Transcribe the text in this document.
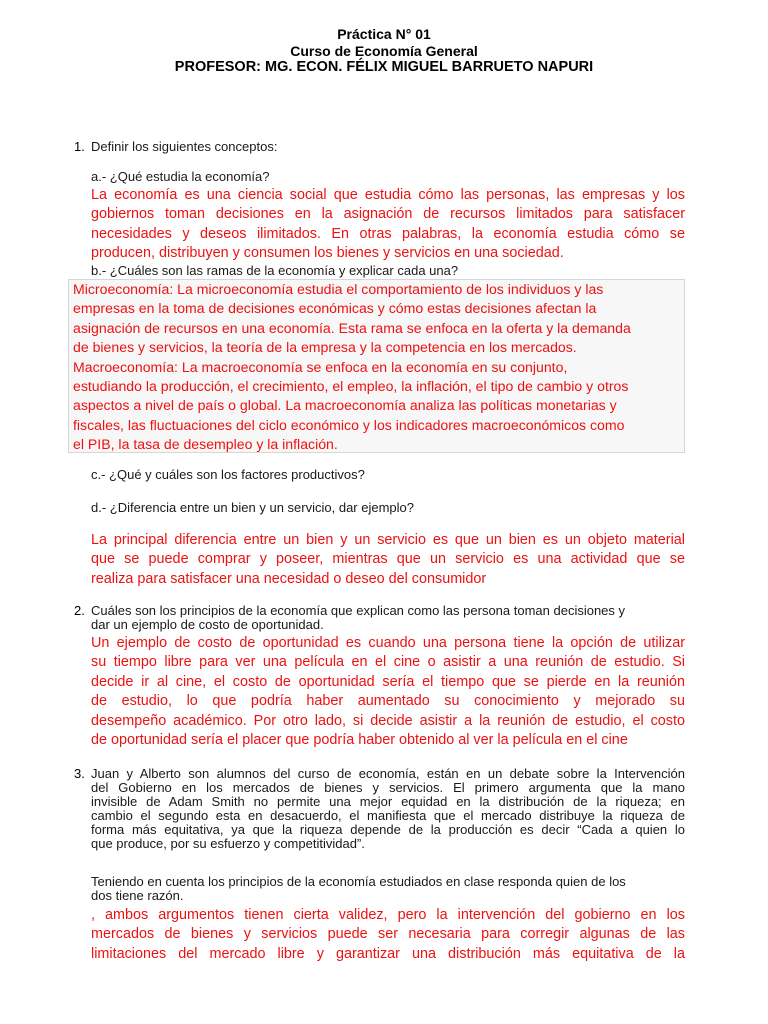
Práctica N° 01
Curso de Economía General
PROFESOR: MG. ECON. FÉLIX MIGUEL BARRUETO NAPURI
1. Definir los siguientes conceptos:
a.- ¿Qué estudia la economía?
La economía es una ciencia social que estudia cómo las personas, las empresas y los
gobiernos toman decisiones en la asignación de recursos limitados para satisfacer
necesidades y deseos ilimitados. En otras palabras, la economía estudia cómo se
producen, distribuyen y consumen los bienes y servicios en una sociedad.
b.- ¿Cuáles son las ramas de la economía y explicar cada una?
Microeconomía: La microeconomía estudia el comportamiento de los individuos y las
empresas en la toma de decisiones económicas y cómo estas decisiones afectan la
asignación de recursos en una economía. Esta rama se enfoca en la oferta y la demanda
de bienes y servicios, la teoría de la empresa y la competencia en los mercados.
Macroeconomía: La macroeconomía se enfoca en la economía en su conjunto,
estudiando la producción, el crecimiento, el empleo, la inflación, el tipo de cambio y otros
aspectos a nivel de país o global. La macroeconomía analiza las políticas monetarias y
fiscales, las fluctuaciones del ciclo económico y los indicadores macroeconómicos como
el PIB, la tasa de desempleo y la inflación.
c.- ¿Qué y cuáles son los factores productivos?
d.- ¿Diferencia entre un bien y un servicio, dar ejemplo?
La principal diferencia entre un bien y un servicio es que un bien es un objeto material
que se puede comprar y poseer, mientras que un servicio es una actividad que se
realiza para satisfacer una necesidad o deseo del consumidor
2. Cuáles son los principios de la economía que explican como las persona toman decisiones y
dar un ejemplo de costo de oportunidad.
Un ejemplo de costo de oportunidad es cuando una persona tiene la opción de utilizar
su tiempo libre para ver una película en el cine o asistir a una reunión de estudio. Si
decide ir al cine, el costo de oportunidad sería el tiempo que se pierde en la reunión
de estudio, lo que podría haber aumentado su conocimiento y mejorado su
desempeño académico. Por otro lado, si decide asistir a la reunión de estudio, el costo
de oportunidad sería el placer que podría haber obtenido al ver la película en el cine
3. Juan y Alberto son alumnos del curso de economía, están en un debate sobre la Intervención
del Gobierno en los mercados de bienes y servicios. El primero argumenta que la mano
invisible de Adam Smith no permite una mejor equidad en la distribución de la riqueza; en
cambio el segundo esta en desacuerdo, el manifiesta que el mercado distribuye la riqueza de
forma más equitativa, ya que la riqueza depende de la producción es decir “Cada a quien lo
que produce, por su esfuerzo y competitividad”.
Teniendo en cuenta los principios de la economía estudiados en clase responda quien de los
dos tiene razón.
, ambos argumentos tienen cierta validez, pero la intervención del gobierno en los
mercados de bienes y servicios puede ser necesaria para corregir algunas de las
limitaciones del mercado libre y garantizar una distribución más equitativa de la
